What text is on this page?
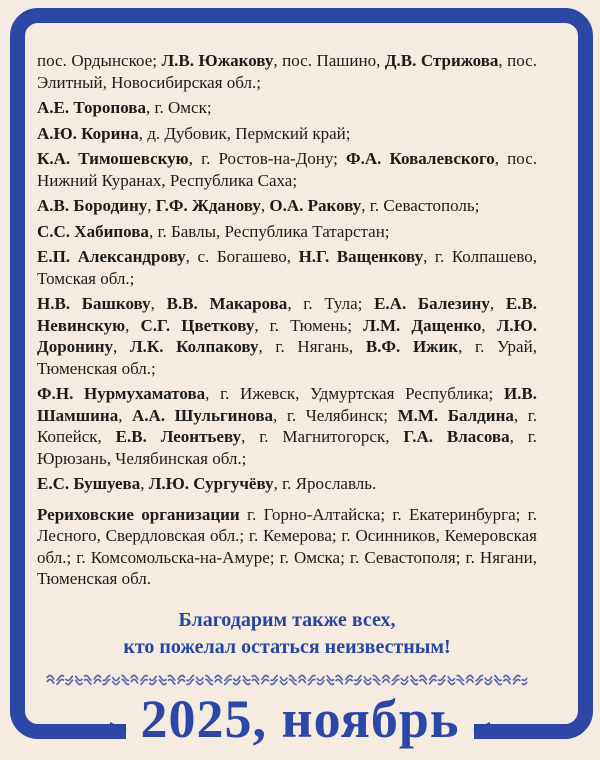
пос. Ордынское; Л.В. Южакову, пос. Пашино, Д.В. Стрижова, пос. Элитный, Новосибирская обл.;

А.Е. Торопова, г. Омск;

А.Ю. Корина, д. Дубовик, Пермский край;

К.А. Тимошевскую, г. Ростов-на-Дону; Ф.А. Ковалевского, пос. Нижний Куранах, Республика Саха;

А.В. Бородину, Г.Ф. Жданову, О.А. Ракову, г. Севастополь;

С.С. Хабипова, г. Бавлы, Республика Татарстан;

Е.П. Александрову, с. Богашево, Н.Г. Ващенкову, г. Колпашево, Томская обл.;

Н.В. Башкову, В.В. Макарова, г. Тула; Е.А. Балезину, Е.В. Невинскую, С.Г. Цветкову, г. Тюмень; Л.М. Дащенко, Л.Ю. Доронину, Л.К. Колпакову, г. Нягань, В.Ф. Ижик, г. Урай, Тюменская обл.;

Ф.Н. Нурмухаматова, г. Ижевск, Удмуртская Республика; И.В. Шамшина, А.А. Шульгинова, г. Челябинск; М.М. Балдина, г. Копейск, Е.В. Леонтьеву, г. Магнитогорск, Г.А. Власова, г. Юрюзань, Челябинская обл.;

Е.С. Бушуева, Л.Ю. Сургучёву, г. Ярославль.

Рериховские организации г. Горно-Алтайска; г. Екатеринбурга; г. Лесного, Свердловская обл.; г. Кемерова; г. Осинников, Кемеровская обл.; г. Комсомольска-на-Амуре; г. Омска; г. Севастополя; г. Нягани, Тюменская обл.

Благодарим также всех,
кто пожелал остаться неизвестным!
2025, ноябрь
